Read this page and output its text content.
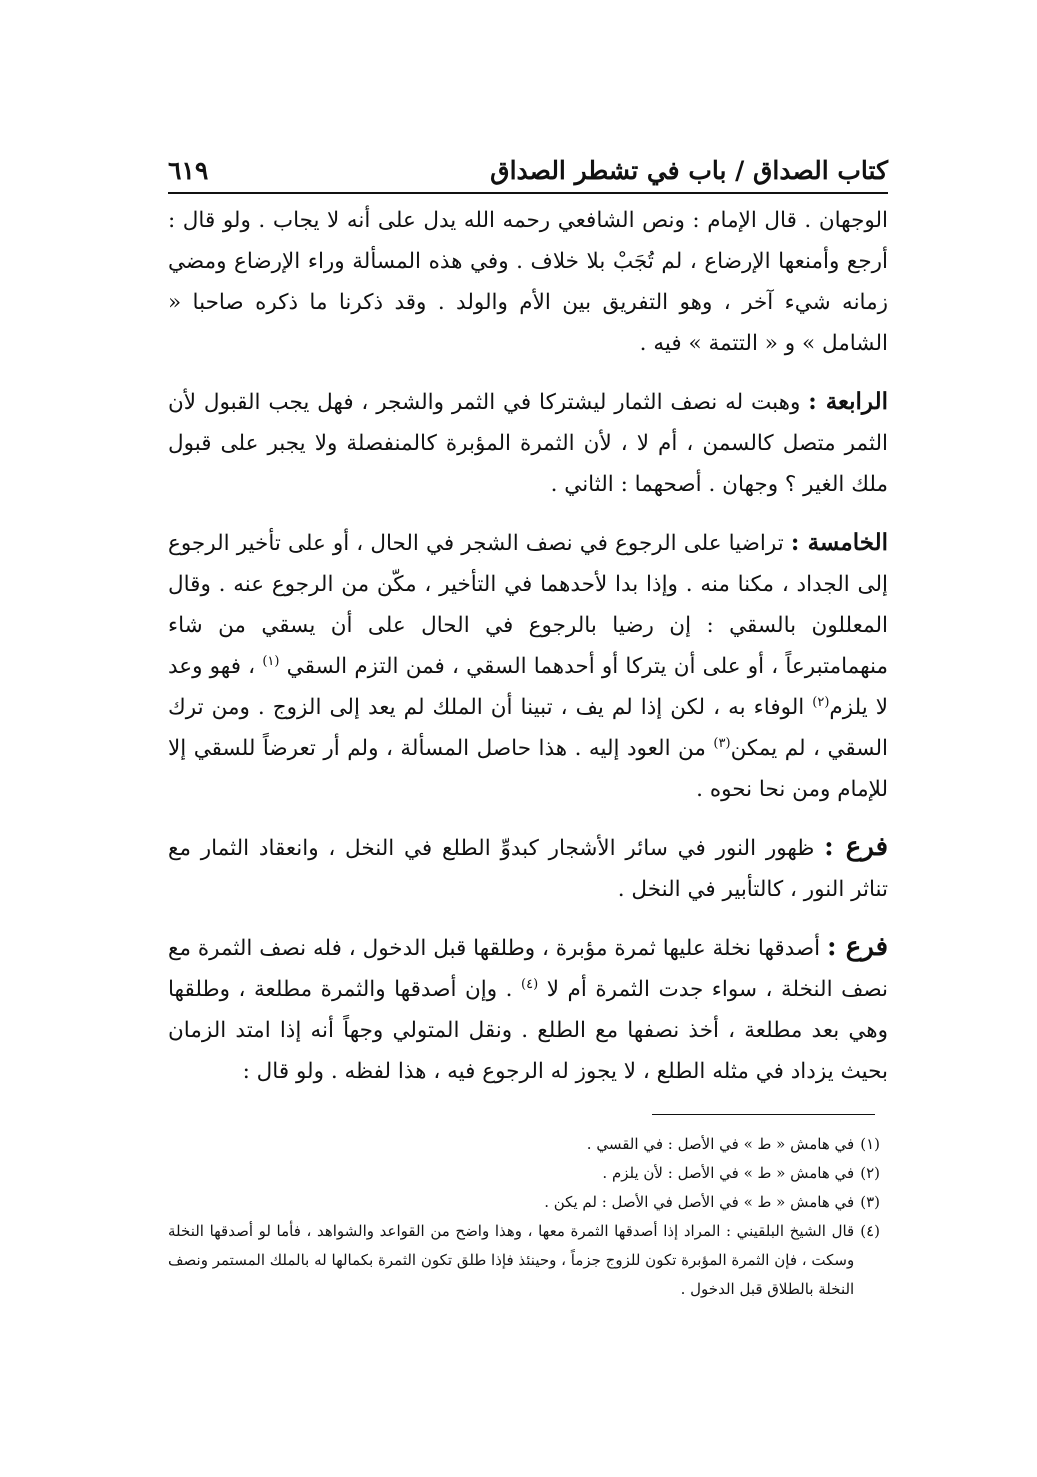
كتاب الصداق / باب في تشطر الصداق
٦١٩

الوجهان . قال الإمام : ونص الشافعي رحمه الله يدل على أنه لا يجاب . ولو قال : أرجع وأمنعها الإرضاع ، لم تُجَبْ بلا خلاف . وفي هذه المسألة وراء الإرضاع ومضي زمانه شيء آخر ، وهو التفريق بين الأم والولد . وقد ذكرنا ما ذكره صاحبا « الشامل » و « التتمة » فيه .

الرابعة : وهبت له نصف الثمار ليشتركا في الثمر والشجر ، فهل يجب القبول لأن الثمر متصل كالسمن ، أم لا ، لأن الثمرة المؤبرة كالمنفصلة ولا يجبر على قبول ملك الغير ؟ وجهان . أصحهما : الثاني .

الخامسة : تراضيا على الرجوع في نصف الشجر في الحال ، أو على تأخير الرجوع إلى الجداد ، مكنا منه . وإذا بدا لأحدهما في التأخير ، مكّن من الرجوع عنه . وقال المعللون بالسقي : إن رضيا بالرجوع في الحال على أن يسقي من شاء منهمامتبرعاً ، أو على أن يتركا أو أحدهما السقي ، فمن التزم السقي $^{(١)}$ ، فهو وعد لا يلزم$^{(٢)}$ الوفاء به ، لكن إذا لم يف ، تبينا أن الملك لم يعد إلى الزوج . ومن ترك السقي ، لم يمكن$^{(٣)}$ من العود إليه . هذا حاصل المسألة ، ولم أر تعرضاً للسقي إلا للإمام ومن نحا نحوه .

فرع : ظهور النور في سائر الأشجار كبدوِّ الطلع في النخل ، وانعقاد الثمار مع تناثر النور ، كالتأبير في النخل .

فرع : أصدقها نخلة عليها ثمرة مؤبرة ، وطلقها قبل الدخول ، فله نصف الثمرة مع نصف النخلة ، سواء جدت الثمرة أم لا $^{(٤)}$ . وإن أصدقها والثمرة مطلعة ، وطلقها وهي بعد مطلعة ، أخذ نصفها مع الطلع . ونقل المتولي وجهاً أنه إذا امتد الزمان بحيث يزداد في مثله الطلع ، لا يجوز له الرجوع فيه ، هذا لفظه . ولو قال :

(١)
في هامش « ط » في الأصل : في القسي .

(٢)
في هامش « ط » في الأصل : لأن يلزم .

(٣)
في هامش « ط » في الأصل في الأصل : لم يكن .

(٤)
قال الشيخ البلقيني : المراد إذا أصدقها الثمرة معها ، وهذا واضح من القواعد والشواهد ، فأما لو أصدقها النخلة وسكت ، فإن الثمرة المؤبرة تكون للزوج جزماً ، وحينئذ فإذا طلق تكون الثمرة بكمالها له بالملك المستمر ونصف النخلة بالطلاق قبل الدخول .
